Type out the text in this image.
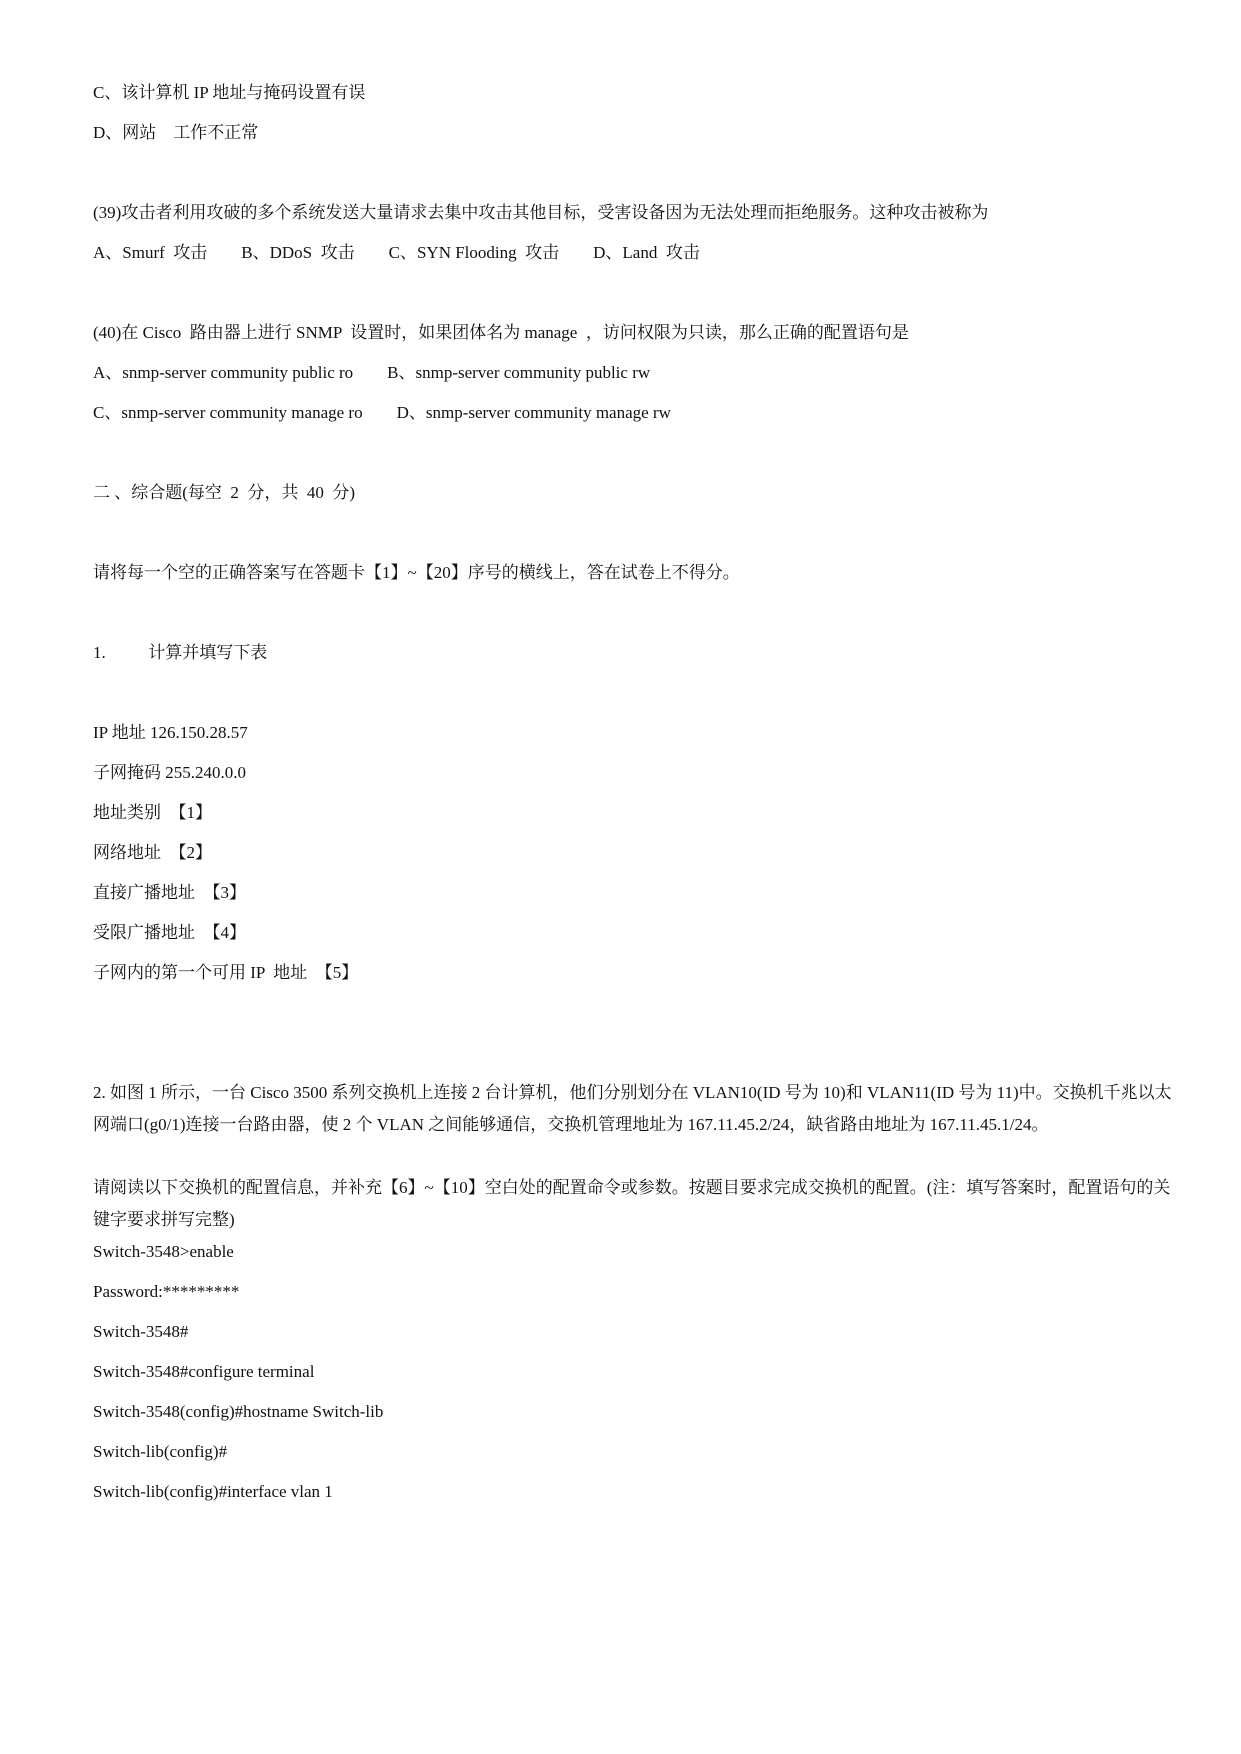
C、该计算机 IP 地址与掩码设置有误
D、网站　工作不正常
(39)攻击者利用攻破的多个系统发送大量请求去集中攻击其他目标，受害设备因为无法处理而拒绝服务。这种攻击被称为
A、Smurf  攻击        B、DDoS  攻击        C、SYN Flooding  攻击        D、Land  攻击
(40)在 Cisco  路由器上进行 SNMP  设置时，如果团体名为 manage  ，访问权限为只读，那么正确的配置语句是
A、snmp-server community public ro        B、snmp-server community public rw
C、snmp-server community manage ro        D、snmp-server community manage rw
二 、综合题(每空  2  分，共  40  分)
请将每一个空的正确答案写在答题卡【1】~【20】序号的横线上，答在试卷上不得分。
1.          计算并填写下表
IP 地址 126.150.28.57
子网掩码 255.240.0.0
地址类别  【1】
网络地址  【2】
直接广播地址  【3】
受限广播地址  【4】
子网内的第一个可用 IP  地址  【5】
2. 如图 1 所示，一台 Cisco 3500 系列交换机上连接 2 台计算机，他们分别划分在 VLAN10(ID 号为 10)和 VLAN11(ID 号为 11)中。交换机千兆以太网端口(g0/1)连接一台路由器，使 2 个 VLAN 之间能够通信，交换机管理地址为 167.11.45.2/24，缺省路由地址为 167.11.45.1/24。
请阅读以下交换机的配置信息，并补充【6】~【10】空白处的配置命令或参数。按题目要求完成交换机的配置。(注：填写答案时，配置语句的关键字要求拼写完整)
Switch-3548>enable
Password:*********
Switch-3548#
Switch-3548#configure terminal
Switch-3548(config)#hostname Switch-lib
Switch-lib(config)#
Switch-lib(config)#interface vlan 1
